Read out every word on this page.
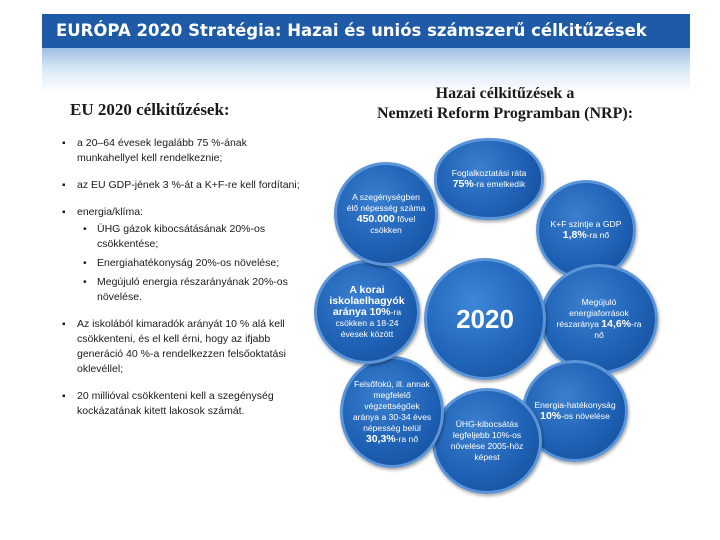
EURÓPA 2020 Stratégia: Hazai és uniós számszerű célkitűzések
EU 2020 célkitűzések:
Hazai célkitűzések a
Nemzeti Reform Programban (NRP):
▪ a 20–64 évesek legalább 75 %-ának munkahellyel kell rendelkeznie;
▪ az EU GDP-jének 3 %-át a K+F-re kell fordítani;
▪ energia/klíma:
• ÜHG gázok kibocsátásának 20%-os csökkentése;
• Energiahatékonyság 20%-os növelése;
• Megújuló energia részarányának 20%-os növelése.
▪ Az iskolából kimaradók arányát 10 % alá kell csökkenteni, és el kell érni, hogy az ifjabb generáció 40 %-a rendelkezzen felsőoktatási oklevéllel;
▪ 20 millióval csökkenteni kell a szegénység kockázatának kitett lakosok számát.
Foglalkoztatási ráta 75%-ra emelkedik
K+F szintje a GDP 1,8%-ra nő
Megújuló energiaforrások részaránya 14,6%-ra nő
Energia-hatékonyság 10%-os növelése
ÜHG-kibocsátás legfeljebb 10%-os növelése 2005-höz képest
Felsőfokú, ill. annak megfelelő végzettségűek aránya a 30-34 éves népesség belül 30,3%-ra nő
A korai iskolaelhagyók aránya 10%-ra csökken a 18-24 évesek között
A szegénységben élő népesség száma 450.000 fővel csökken
2020
